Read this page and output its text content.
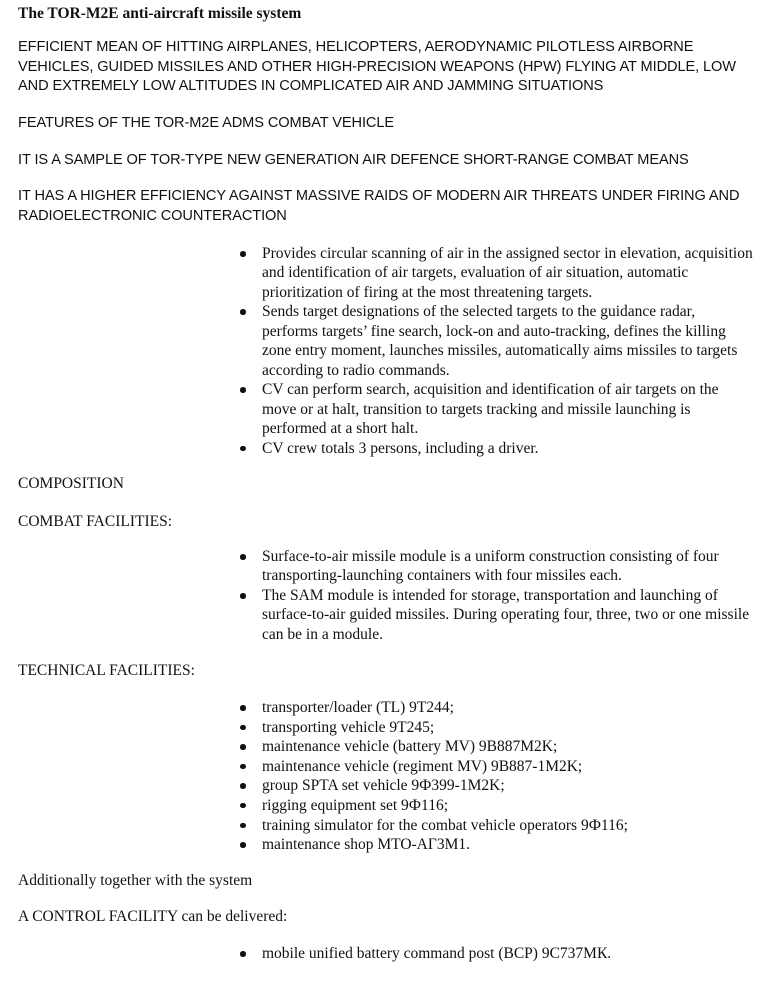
The TOR-M2E anti-aircraft missile system
EFFICIENT MEAN OF HITTING AIRPLANES, HELICOPTERS, AERODYNAMIC PILOTLESS AIRBORNE VEHICLES, GUIDED MISSILES AND OTHER HIGH-PRECISION WEAPONS (HPW) FLYING AT MIDDLE, LOW AND EXTREMELY LOW ALTITUDES IN COMPLICATED AIR AND JAMMING SITUATIONS
FEATURES OF THE TOR-M2E ADMS COMBAT VEHICLE
IT IS A SAMPLE OF TOR-TYPE NEW GENERATION AIR DEFENCE SHORT-RANGE COMBAT MEANS
IT HAS A HIGHER EFFICIENCY AGAINST MASSIVE RAIDS OF MODERN AIR THREATS UNDER FIRING AND RADIOELECTRONIC COUNTERACTION
Provides circular scanning of air in the assigned sector in elevation, acquisition and identification of air targets, evaluation of air situation, automatic prioritization of firing at the most threatening targets.
Sends target designations of the selected targets to the guidance radar, performs targets’ fine search, lock-on and auto-tracking, defines the killing zone entry moment, launches missiles, automatically aims missiles to targets according to radio commands.
CV can perform search, acquisition and identification of air targets on the move or at halt, transition to targets tracking and missile launching is performed at a short halt.
CV crew totals 3 persons, including a driver.
COMPOSITION
COMBAT FACILITIES:
Surface-to-air missile module is a uniform construction consisting of four transporting-launching containers with four missiles each.
The SAM module is intended for storage, transportation and launching of surface-to-air guided missiles. During operating four, three, two or one missile can be in a module.
TECHNICAL FACILITIES:
transporter/loader (TL) 9T244;
transporting vehicle 9T245;
maintenance vehicle (battery MV) 9B887M2K;
maintenance vehicle (regiment MV) 9B887-1M2K;
group SPTA set vehicle 9Ф399-1M2K;
rigging equipment set 9Ф116;
training simulator for the combat vehicle operators 9Ф116;
maintenance shop MTO-АГ3М1.
Additionally together with the system
A CONTROL FACILITY can be delivered:
mobile unified battery command post (BCP) 9С737МК.
